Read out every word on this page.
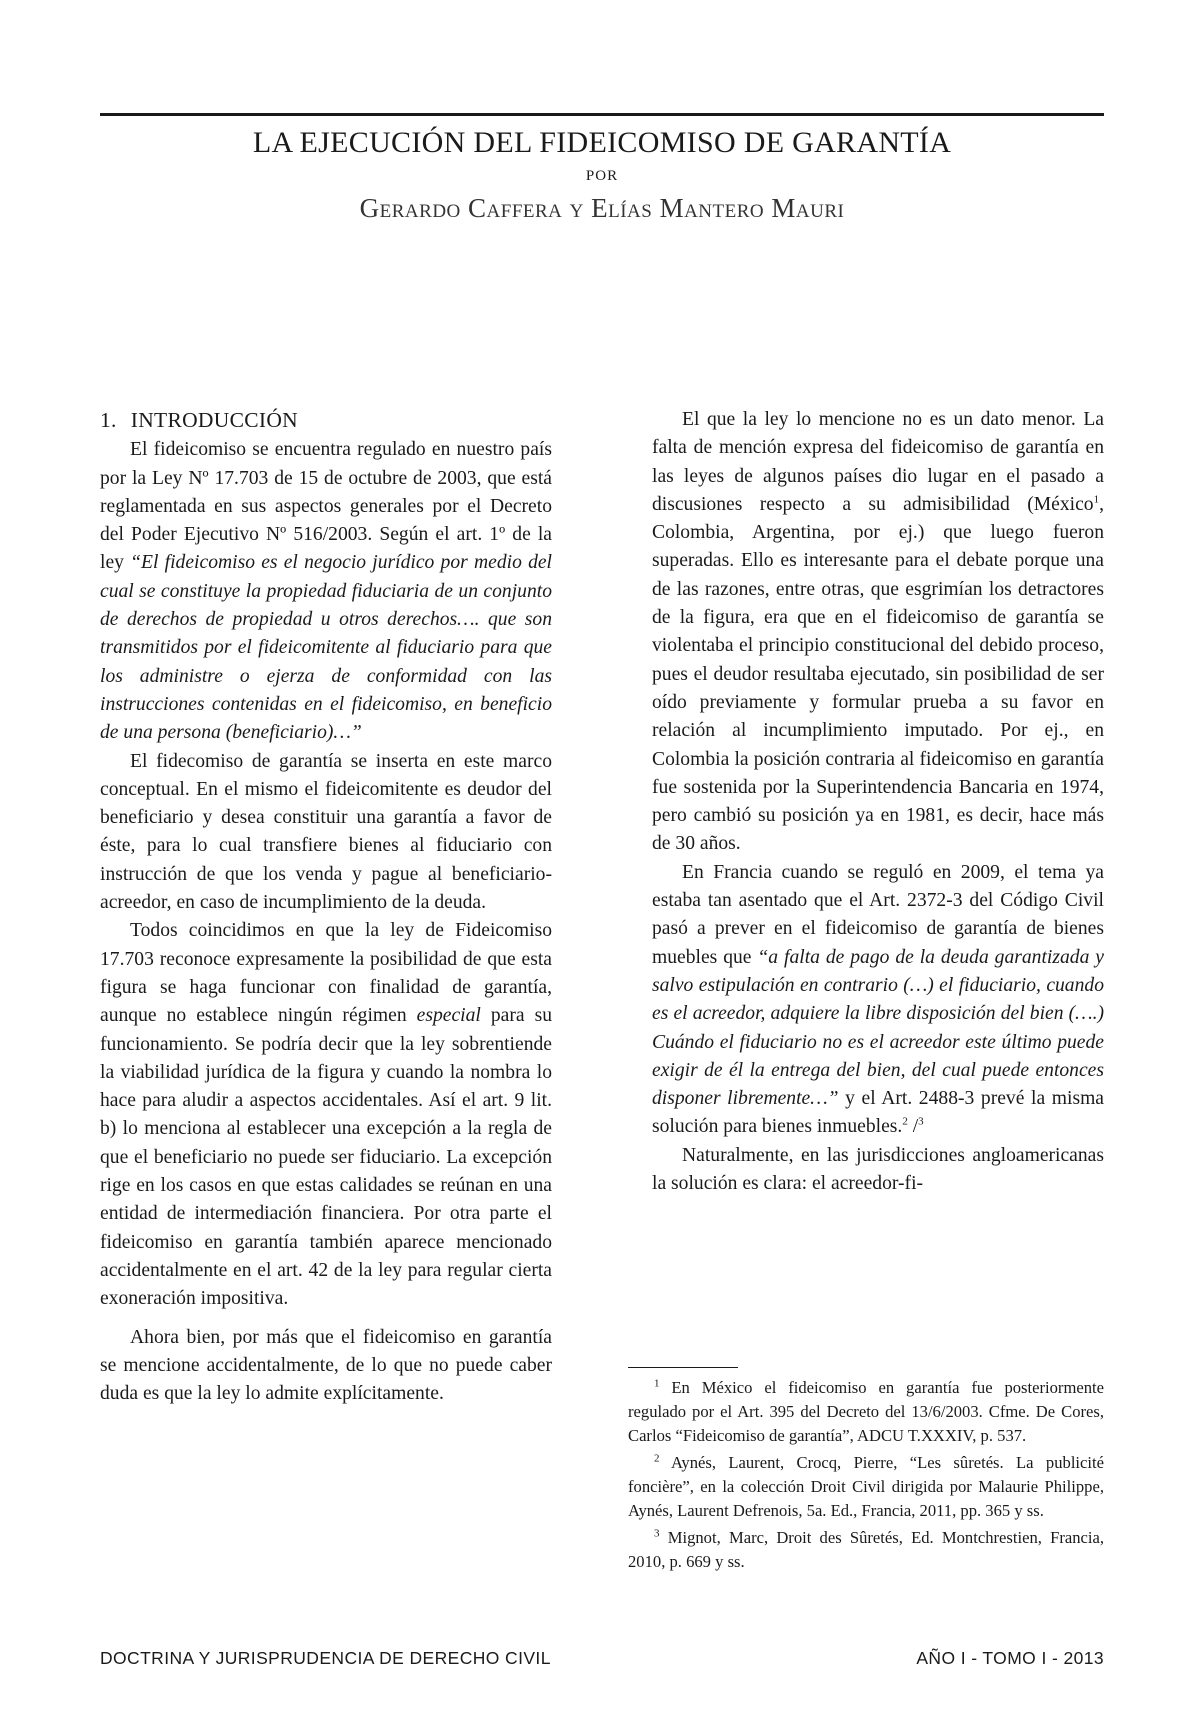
LA EJECUCIÓN DEL FIDEICOMISO DE GARANTÍA
POR
Gerardo Caffera y Elías Mantero Mauri
1. INTRODUCCIÓN

El fideicomiso se encuentra regulado en nuestro país por la Ley Nº 17.703 de 15 de octubre de 2003, que está reglamentada en sus aspectos generales por el Decreto del Poder Ejecutivo Nº 516/2003. Según el art. 1º de la ley “El fideicomiso es el negocio jurídico por medio del cual se constituye la propiedad fiduciaria de un conjunto de derechos de propiedad u otros derechos…. que son transmitidos por el fideicomitente al fiduciario para que los administre o ejerza de conformidad con las instrucciones contenidas en el fideicomiso, en beneficio de una persona (beneficiario)…”

El fidecomiso de garantía se inserta en este marco conceptual. En el mismo el fideicomitente es deudor del beneficiario y desea constituir una garantía a favor de éste, para lo cual transfiere bienes al fiduciario con instrucción de que los venda y pague al beneficiario-acreedor, en caso de incumplimiento de la deuda.

Todos coincidimos en que la ley de Fideicomiso 17.703 reconoce expresamente la posibilidad de que esta figura se haga funcionar con finalidad de garantía, aunque no establece ningún régimen especial para su funcionamiento. Se podría decir que la ley sobrentiende la viabilidad jurídica de la figura y cuando la nombra lo hace para aludir a aspectos accidentales. Así el art. 9 lit. b) lo menciona al establecer una excepción a la regla de que el beneficiario no puede ser fiduciario. La excepción rige en los casos en que estas calidades se reúnan en una entidad de intermediación financiera. Por otra parte el fideicomiso en garantía también aparece mencionado accidentalmente en el art. 42 de la ley para regular cierta exoneración impositiva.

Ahora bien, por más que el fideicomiso en garantía se mencione accidentalmente, de lo que no puede caber duda es que la ley lo admite explícitamente.

El que la ley lo mencione no es un dato menor. La falta de mención expresa del fideicomiso de garantía en las leyes de algunos países dio lugar en el pasado a discusiones respecto a su admisibilidad (México$^1$, Colombia, Argentina, por ej.) que luego fueron superadas. Ello es interesante para el debate porque una de las razones, entre otras, que esgrimían los detractores de la figura, era que en el fideicomiso de garantía se violentaba el principio constitucional del debido proceso, pues el deudor resultaba ejecutado, sin posibilidad de ser oído previamente y formular prueba a su favor en relación al incumplimiento imputado. Por ej., en Colombia la posición contraria al fideicomiso en garantía fue sostenida por la Superintendencia Bancaria en 1974, pero cambió su posición ya en 1981, es decir, hace más de 30 años.

En Francia cuando se reguló en 2009, el tema ya estaba tan asentado que el Art. 2372-3 del Código Civil pasó a prever en el fideicomiso de garantía de bienes muebles que “a falta de pago de la deuda garantizada y salvo estipulación en contrario (…) el fiduciario, cuando es el acreedor, adquiere la libre disposición del bien (….) Cuándo el fiduciario no es el acreedor este último puede exigir de él la entrega del bien, del cual puede entonces disponer libremente…” y el Art. 2488-3 prevé la misma solución para bienes inmuebles.$^2$ /$^3$

Naturalmente, en las jurisdicciones angloamericanas la solución es clara: el acreedor-fi-

$^1$ En México el fideicomiso en garantía fue posteriormente regulado por el Art. 395 del Decreto del 13/6/2003. Cfme. De Cores, Carlos “Fideicomiso de garantía”, ADCU T.XXXIV, p. 537.

$^2$ Aynés, Laurent, Crocq, Pierre, “Les sûretés. La publicité foncière”, en la colección Droit Civil dirigida por Malaurie Philippe, Aynés, Laurent Defrenois, 5a. Ed., Francia, 2011, pp. 365 y ss.

$^3$ Mignot, Marc, Droit des Sûretés, Ed. Montchrestien, Francia, 2010, p. 669 y ss.

DOCTRINA Y JURISPRUDENCIA DE DERECHO CIVIL	AÑO I - TOMO I - 2013
